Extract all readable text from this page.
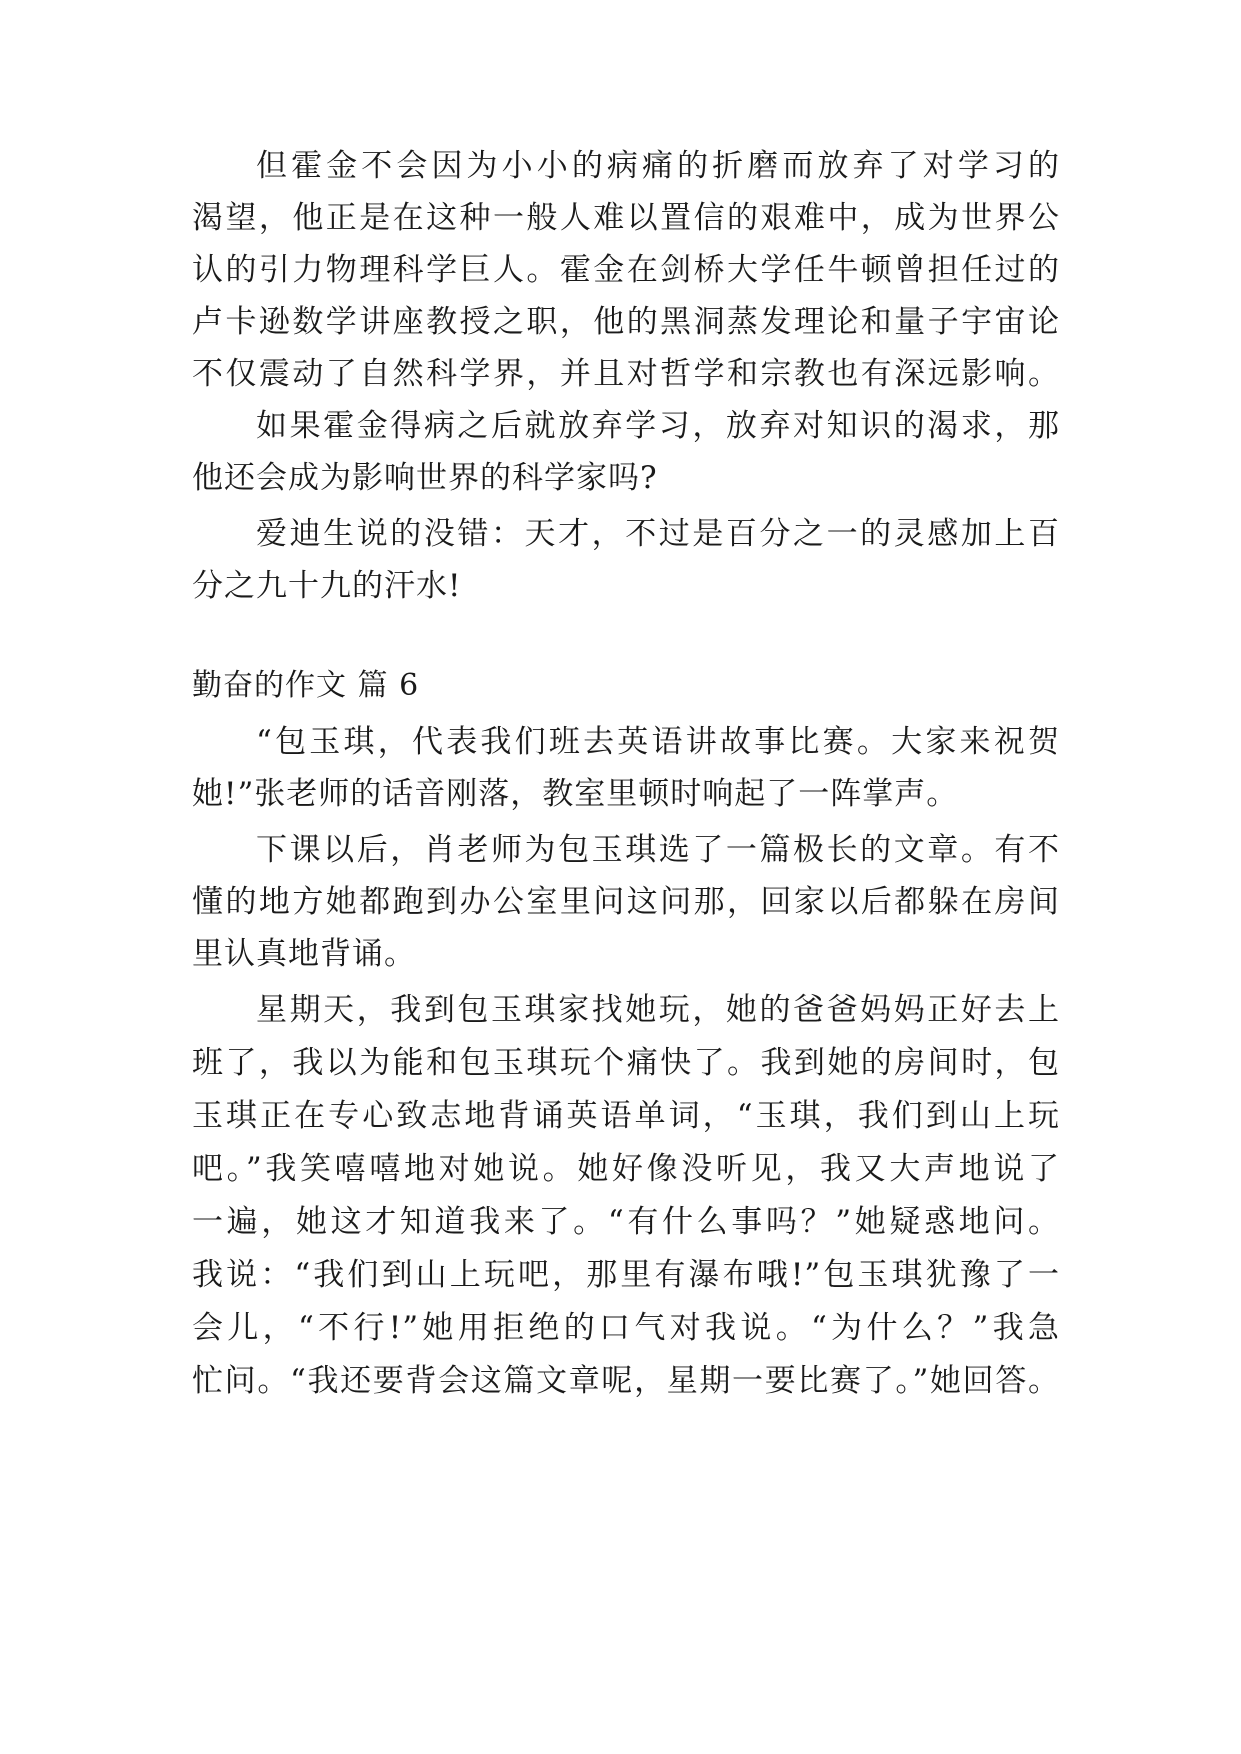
但霍金不会因为小小的病痛的折磨而放弃了对学习的
渴望，他正是在这种一般人难以置信的艰难中，成为世界公
认的引力物理科学巨人。霍金在剑桥大学任牛顿曾担任过的
卢卡逊数学讲座教授之职，他的黑洞蒸发理论和量子宇宙论
不仅震动了自然科学界，并且对哲学和宗教也有深远影响。
如果霍金得病之后就放弃学习，放弃对知识的渴求，那
他还会成为影响世界的科学家吗?
爱迪生说的没错：天才，不过是百分之一的灵感加上百
分之九十九的汗水!
勤奋的作文 篇 6
“包玉琪，代表我们班去英语讲故事比赛。大家来祝贺
她!”张老师的话音刚落，教室里顿时响起了一阵掌声。
下课以后，肖老师为包玉琪选了一篇极长的文章。有不
懂的地方她都跑到办公室里问这问那，回家以后都躲在房间
里认真地背诵。
星期天，我到包玉琪家找她玩，她的爸爸妈妈正好去上
班了，我以为能和包玉琪玩个痛快了。我到她的房间时，包
玉琪正在专心致志地背诵英语单词，“玉琪，我们到山上玩
吧。”我笑嘻嘻地对她说。她好像没听见，我又大声地说了
一遍，她这才知道我来了。“有什么事吗？”她疑惑地问。
我说：“我们到山上玩吧，那里有瀑布哦!”包玉琪犹豫了一
会儿，“不行!”她用拒绝的口气对我说。“为什么？”我急
忙问。“我还要背会这篇文章呢，星期一要比赛了。”她回答。
